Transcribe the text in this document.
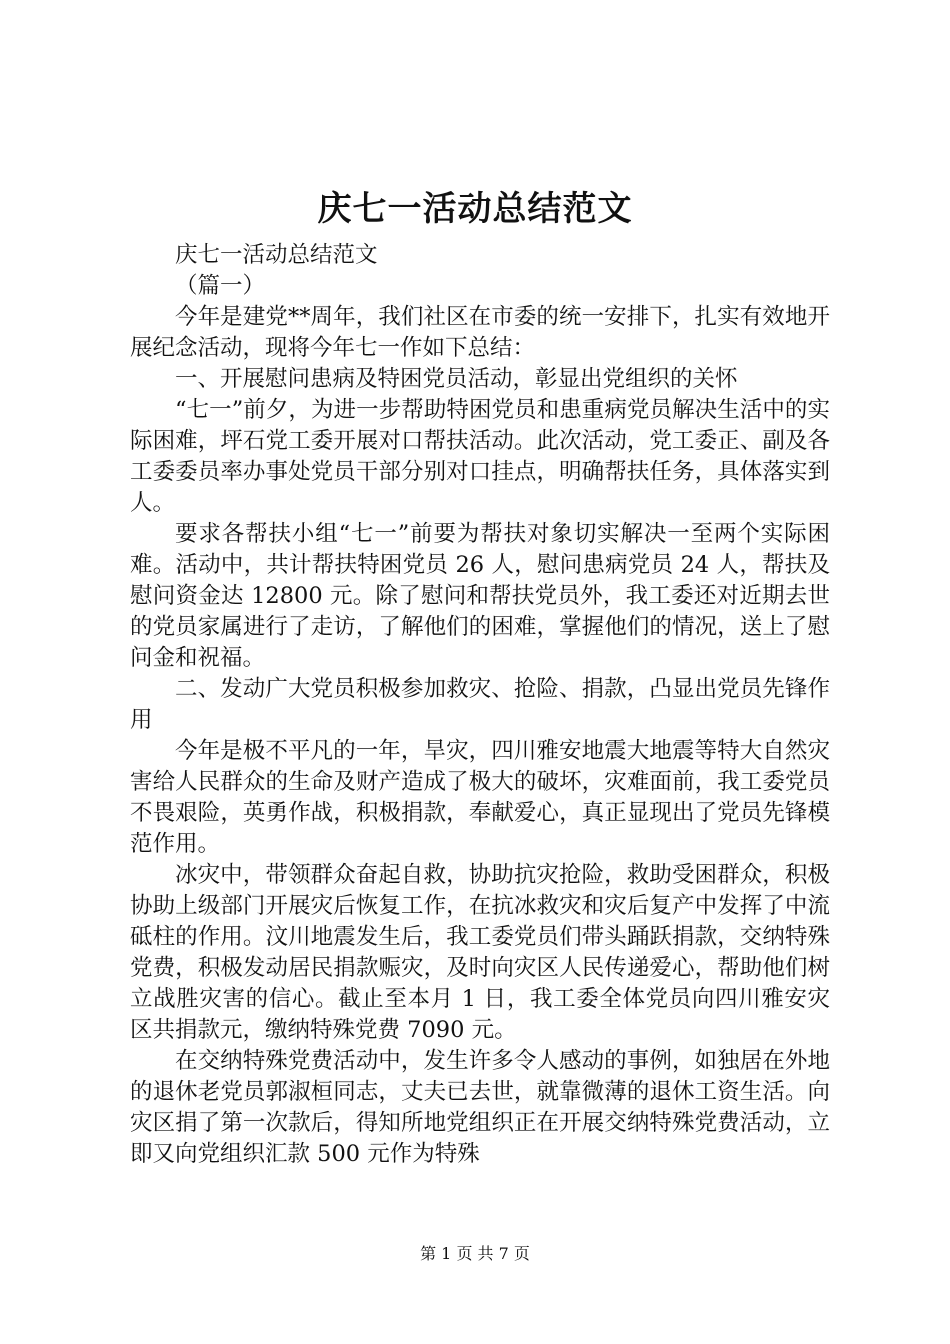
庆七一活动总结范文

庆七一活动总结范文

（篇一）

今年是建党**周年，我们社区在市委的统一安排下，扎实有效地开展纪念活动，现将今年七一作如下总结：

一、开展慰问患病及特困党员活动，彰显出党组织的关怀

“七一”前夕，为进一步帮助特困党员和患重病党员解决生活中的实际困难，坪石党工委开展对口帮扶活动。此次活动，党工委正、副及各工委委员率办事处党员干部分别对口挂点，明确帮扶任务，具体落实到人。

要求各帮扶小组“七一”前要为帮扶对象切实解决一至两个实际困难。活动中，共计帮扶特困党员 26 人，慰问患病党员 24 人，帮扶及慰问资金达 12800 元。除了慰问和帮扶党员外，我工委还对近期去世的党员家属进行了走访，了解他们的困难，掌握他们的情况，送上了慰问金和祝福。

二、发动广大党员积极参加救灾、抢险、捐款，凸显出党员先锋作用

今年是极不平凡的一年，旱灾，四川雅安地震大地震等特大自然灾害给人民群众的生命及财产造成了极大的破坏，灾难面前，我工委党员不畏艰险，英勇作战，积极捐款，奉献爱心，真正显现出了党员先锋模范作用。

冰灾中，带领群众奋起自救，协助抗灾抢险，救助受困群众，积极协助上级部门开展灾后恢复工作，在抗冰救灾和灾后复产中发挥了中流砥柱的作用。汶川地震发生后，我工委党员们带头踊跃捐款，交纳特殊党费，积极发动居民捐款赈灾，及时向灾区人民传递爱心，帮助他们树立战胜灾害的信心。截止至本月 1 日，我工委全体党员向四川雅安灾区共捐款元，缴纳特殊党费 7090 元。

在交纳特殊党费活动中，发生许多令人感动的事例，如独居在外地的退休老党员郭淑桓同志，丈夫已去世，就靠微薄的退休工资生活。向灾区捐了第一次款后，得知所地党组织正在开展交纳特殊党费活动，立即又向党组织汇款 500 元作为特殊

第 1 页 共 7 页
